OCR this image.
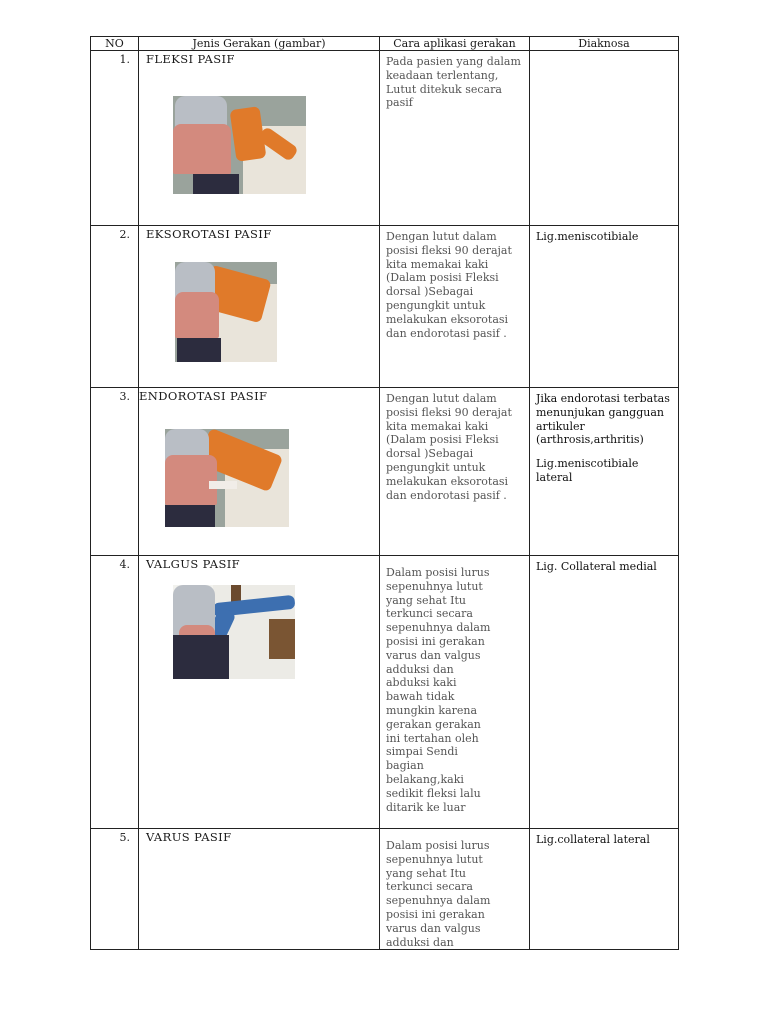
NO	Jenis Gerakan (gambar)	Cara aplikasi gerakan	Diaknosa
1.	FLEKSI PASIF	Pada pasien yang dalam keadaan terlentang, Lutut ditekuk secara pasif	
2.	EKSOROTASI PASIF	Dengan lutut dalam posisi fleksi 90 derajat kita memakai kaki (Dalam posisi Fleksi dorsal )Sebagai pengungkit untuk melakukan eksorotasi dan endorotasi pasif .	Lig.meniscotibiale
3.	ENDOROTASI PASIF	Dengan lutut dalam posisi fleksi 90 derajat kita memakai kaki (Dalam posisi Fleksi dorsal )Sebagai pengungkit untuk melakukan eksorotasi dan endorotasi pasif .	Jika endorotasi terbatas menunjukan gangguan artikuler (arthrosis,arthritis)
Lig.meniscotibiale lateral

4.	VALGUS PASIF	Dalam posisi lurus sepenuhnya lutut yang sehat Itu terkunci secara sepenuhnya dalam posisi ini gerakan varus dan valgus adduksi dan abduksi kaki bawah tidak mungkin karena gerakan gerakan ini tertahan oleh simpai Sendi bagian belakang,kaki sedikit fleksi lalu ditarik ke luar	Lig. Collateral medial
5.	VARUS PASIF	Dalam posisi lurus sepenuhnya lutut yang sehat Itu terkunci secara sepenuhnya dalam posisi ini gerakan varus dan valgus adduksi dan	Lig.collateral lateral
